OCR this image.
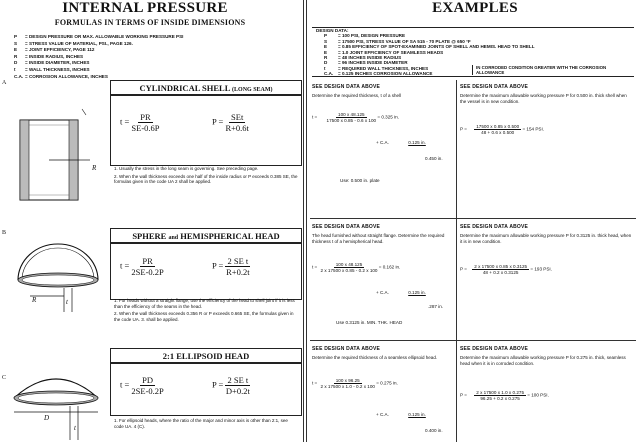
INTERNAL PRESSURE
FORMULAS IN TERMS OF INSIDE DIMENSIONS
P = DESIGN PRESSURE OR MAX. ALLOWABLE WORKING PRESSURE PSI
S = STRESS VALUE OF MATERIAL, PSI., PAGE 126.
E = JOINT EFFICIENCY, PAGE 112
R = INSIDE RADIUS, INCHES
D = INSIDE DIAMETER, INCHES
t = WALL THICKNESS, INCHES
C.A. = CORROSION ALLOWANCE, INCHES
A
B
C
CYLINDRICAL SHELL (LONG SEAM)
$t = \frac{PR}{SE-0.6P}$	$P = \frac{\text{SEt}}{R+0.6t}$
1. Usually the stress in the long seam is governing. See preceding page.
2. When the wall thickness exceeds one half of the inside radius or P exceeds 0.385 SE, the formulas given in the code UA 2 shall be applied.
R
SPHERE and HEMISPHERICAL HEAD
$t = \frac{PR}{2SE-0.2P}$	$P = \frac{\text{2 SE t}}{R+0.2t}$
1. For heads without a straight flange, use the efficiency of the head to shell joint if it is less than the efficiency of the seams in the head.
2. When the wall thickness exceeds 0.356 R or P exceeds 0.665 SE, the formulas given in the code UA. 3. shall be applied.
R	t
2:1 ELLIPSOID HEAD
$t = \frac{PD}{2SE-0.2P}$	$P = \frac{\text{2 SE t}}{D+0.2t}$
1. For ellipsoid heads, where the ratio of the major and minor axis is other than 2:1, see code UA. 4 (C).
D
t
EXAMPLES
DESIGN DATA:
P = 100 PSI, DESIGN PRESSURE
S = 17500 PSI, STRESS VALUE OF SA 515 - 70 PLATE @ 650 °F
E = 0.85 EFFICIENCY OF SPOT-EXAMINED JOINTS OF SHELL AND HEMIS. HEAD TO SHELL
E = 1.0 JOINT EFFICIENCY OF SEAMLESS HEADS
R = 48 INCHES INSIDE RADIUS
D = 96 INCHES INSIDE DIAMETER
t	= REQUIRED WALL THICKNESS, INCHES
C.A. = 0.125 INCHES CORROSION ALLOWANCE
IN CORRODED CONDITION GREATER WITH THE CORROSION ALLOWANCE
SEE DESIGN DATA ABOVE
Determine the required thickness, t of a shell
$t = \frac{100 x 48.125}{17500 x 0.85 - 0.6 x 100} = 0.325$ in.
+ C.A.	0.125 in.
0.450 in.
Use: 0.500 in. plate
SEE DESIGN DATA ABOVE
Determine the maximum allowable working pressure P for 0.500 in. thick shell when the vessel is in new condition.
$P = \frac{17500 x 0.85 x 0.500}{48 + 0.6 x 0.500} = 154$ PSI.
SEE DESIGN DATA ABOVE
The head furnished without straight flange. Determine the required thickness t of a hemispherical head.
$t = \frac{100 x 48.125}{2 x 17500 x 0.85 - 0.2 x 100} = 0.162$ in.
+ C.A.	0.125 in.
.287 in.
Use 0.3125 in. MIN. THK. HEAD
SEE DESIGN DATA ABOVE
Determine the maximum allowable working pressure P for 0.3125 in. thick head, when it is in new condition.
$P = \frac{2 x 17500 x 0.85 x 0.3125}{48 + 0.2 x 0.3125} = 193$ PSI.
SEE DESIGN DATA ABOVE
Determine the required thickness of a seamless ellipsoid head.
$t = \frac{100 x 96.25}{2 x 17500 x 1.0 - 0.2 x 100} = 0.275$ in.
+ C.A.	0.125 in.
0.400 in.
SEE DESIGN DATA ABOVE
Determine the maximum allowable working pressure P for 0.275 in. thick, seamless head when it is in corroded condition.
$P = \frac{2 x 17500 x 1.0 x 0.275}{96.25 + 0.2 x 0.275} = 100$ PSI.
